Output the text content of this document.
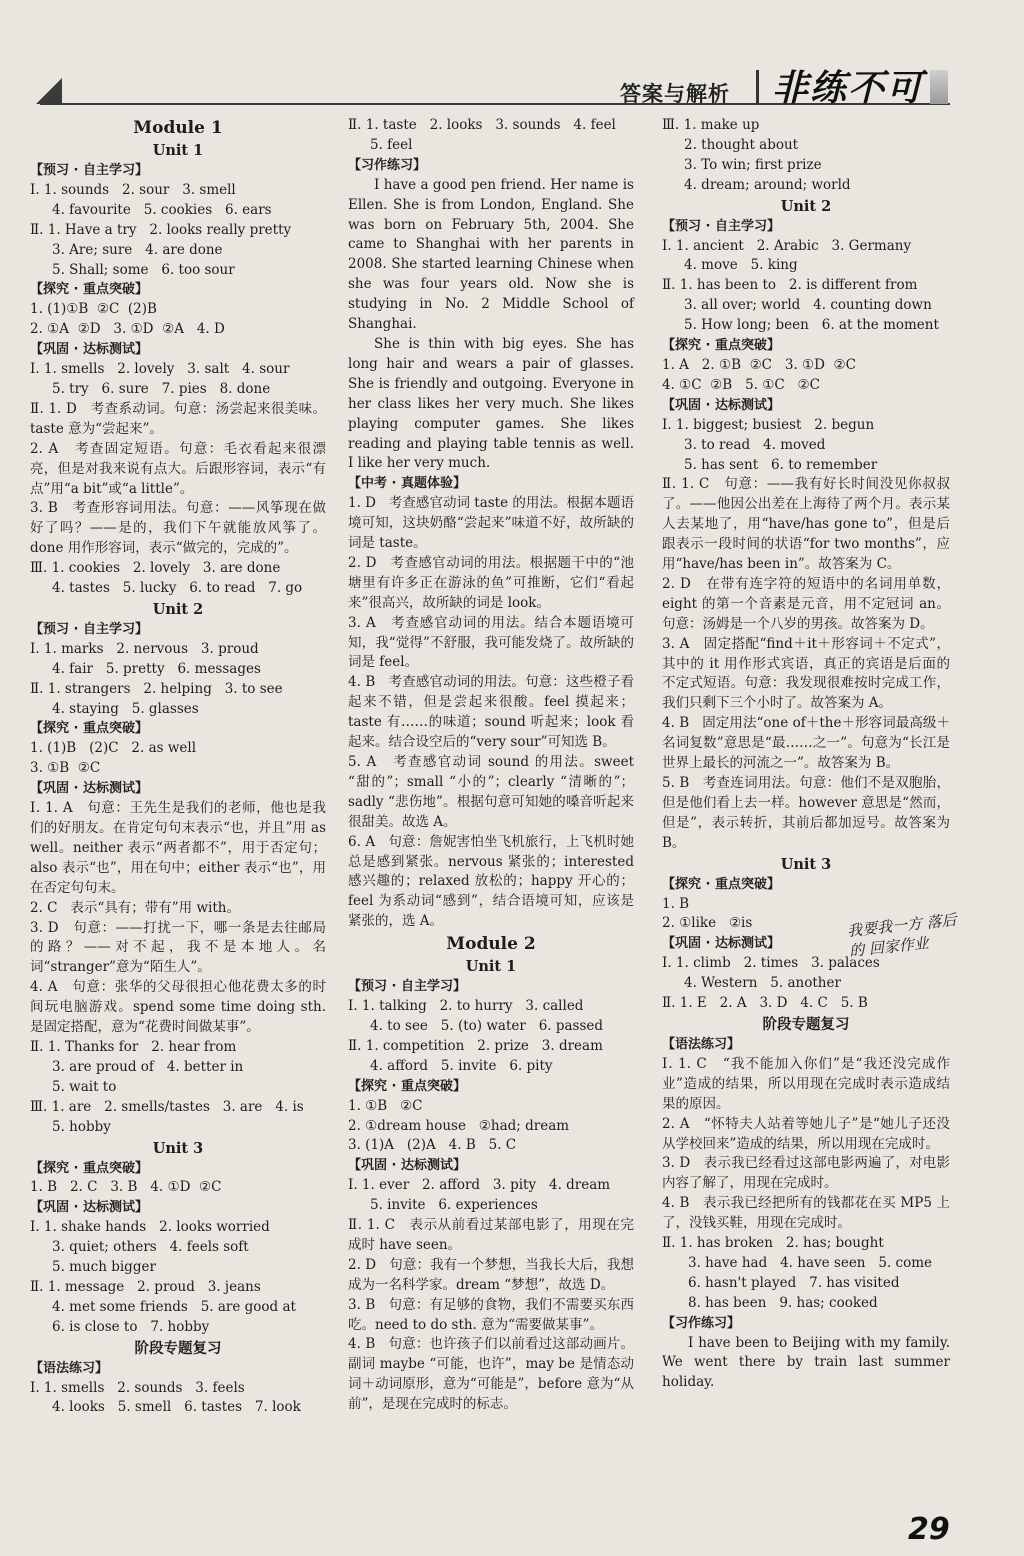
答案与解析 非练不可
Module 1
Unit 1
【预习 · 自主学习】
Ⅰ. 1. sounds   2. sour   3. smell
4. favourite   5. cookies   6. ears
Ⅱ. 1. Have a try   2. looks really pretty
3. Are; sure   4. are done
5. Shall; some   6. too sour
【探究 · 重点突破】
1. (1)①B  ②C  (2)B
2. ①A  ②D   3. ①D  ②A   4. D
【巩固 · 达标测试】
Ⅰ. 1. smells   2. lovely   3. salt   4. sour
5. try   6. sure   7. pies   8. done
Ⅱ. 1. D   考查系动词。句意：汤尝起来很美味。taste 意为“尝起来”。
2. A   考查固定短语。句意：毛衣看起来很漂亮，但是对我来说有点大。后跟形容词，表示“有点”用“a bit”或“a little”。
3. B   考查形容词用法。句意：——风筝现在做好了吗？——是的，我们下午就能放风筝了。done 用作形容词，表示“做完的，完成的”。
Ⅲ. 1. cookies   2. lovely   3. are done
4. tastes   5. lucky   6. to read   7. go
Unit 2
【预习 · 自主学习】
Ⅰ. 1. marks   2. nervous   3. proud
4. fair   5. pretty   6. messages
Ⅱ. 1. strangers   2. helping   3. to see
4. staying   5. glasses
【探究 · 重点突破】
1. (1)B   (2)C   2. as well
3. ①B  ②C
【巩固 · 达标测试】
Ⅰ. 1. A   句意：王先生是我们的老师，他也是我们的好朋友。在肯定句句末表示“也，并且”用 as well。neither 表示“两者都不”，用于否定句；also 表示“也”，用在句中；either 表示“也”，用在否定句句末。
2. C   表示“具有；带有”用 with。
3. D   句意：——打扰一下，哪一条是去往邮局的路？——对不起，我不是本地人。名词“stranger”意为“陌生人”。
4. A   句意：张华的父母很担心他花费太多的时间玩电脑游戏。spend some time doing sth. 是固定搭配，意为“花费时间做某事”。
Ⅱ. 1. Thanks for   2. hear from
3. are proud of   4. better in
5. wait to
Ⅲ. 1. are   2. smells/tastes   3. are   4. is
5. hobby
Unit 3
【探究 · 重点突破】
1. B   2. C   3. B   4. ①D  ②C
【巩固 · 达标测试】
Ⅰ. 1. shake hands   2. looks worried
3. quiet; others   4. feels soft
5. much bigger
Ⅱ. 1. message   2. proud   3. jeans
4. met some friends   5. are good at
6. is close to   7. hobby
阶段专题复习
【语法练习】
Ⅰ. 1. smells   2. sounds   3. feels
4. looks   5. smell   6. tastes   7. look
Ⅱ. 1. taste   2. looks   3. sounds   4. feel
5. feel
【习作练习】
I have a good pen friend. Her name is Ellen. She is from London, England. She was born on February 5th, 2004. She came to Shanghai with her parents in 2008. She started learning Chinese when she was four years old. Now she is studying in No. 2 Middle School of Shanghai.
She is thin with big eyes. She has long hair and wears a pair of glasses. She is friendly and outgoing. Everyone in her class likes her very much. She likes playing computer games. She likes reading and playing table tennis as well. I like her very much.
【中考 · 真题体验】
1. D   考查感官动词 taste 的用法。根据本题语境可知，这块奶酪“尝起来”味道不好，故所缺的词是 taste。
2. D   考查感官动词的用法。根据题干中的“池塘里有许多正在游泳的鱼”可推断，它们“看起来”很高兴，故所缺的词是 look。
3. A   考查感官动词的用法。结合本题语境可知，我“觉得”不舒服，我可能发烧了。故所缺的词是 feel。
4. B   考查感官动词的用法。句意：这些橙子看起来不错，但是尝起来很酸。feel 摸起来；taste 有……的味道；sound 听起来；look 看起来。结合设空后的“very sour”可知选 B。
5. A   考查感官动词 sound 的用法。sweet “甜的”；small “小的”；clearly “清晰的”；sadly “悲伤地”。根据句意可知她的嗓音听起来很甜美。故选 A。
6. A   句意：詹妮害怕坐飞机旅行，上飞机时她总是感到紧张。nervous 紧张的；interested 感兴趣的；relaxed 放松的；happy 开心的；feel 为系动词“感到”，结合语境可知，应该是紧张的，选 A。
Module 2
Unit 1
【预习 · 自主学习】
Ⅰ. 1. talking   2. to hurry   3. called
4. to see   5. (to) water   6. passed
Ⅱ. 1. competition   2. prize   3. dream
4. afford   5. invite   6. pity
【探究 · 重点突破】
1. ①B   ②C
2. ①dream house   ②had; dream
3. (1)A   (2)A   4. B   5. C
【巩固 · 达标测试】
Ⅰ. 1. ever   2. afford   3. pity   4. dream
5. invite   6. experiences
Ⅱ. 1. C   表示从前看过某部电影了，用现在完成时 have seen。
2. D   句意：我有一个梦想，当我长大后，我想成为一名科学家。dream “梦想”，故选 D。
3. B   句意：有足够的食物，我们不需要买东西吃。need to do sth. 意为“需要做某事”。
4. B   句意：也许孩子们以前看过这部动画片。副词 maybe “可能，也许”，may be 是情态动词＋动词原形，意为“可能是”，before 意为“从前”，是现在完成时的标志。
Ⅲ. 1. make up
2. thought about
3. To win; first prize
4. dream; around; world
Unit 2
【预习 · 自主学习】
Ⅰ. 1. ancient   2. Arabic   3. Germany
4. move   5. king
Ⅱ. 1. has been to   2. is different from
3. all over; world   4. counting down
5. How long; been   6. at the moment
【探究 · 重点突破】
1. A   2. ①B  ②C   3. ①D  ②C
4. ①C  ②B   5. ①C   ②C
【巩固 · 达标测试】
Ⅰ. 1. biggest; busiest   2. begun
3. to read   4. moved
5. has sent   6. to remember
Ⅱ. 1. C   句意：——我有好长时间没见你叔叔了。——他因公出差在上海待了两个月。表示某人去某地了，用“have/has gone to”，但是后跟表示一段时间的状语“for two months”，应用“have/has been in”。故答案为 C。
2. D   在带有连字符的短语中的名词用单数，eight 的第一个音素是元音，用不定冠词 an。句意：汤姆是一个八岁的男孩。故答案为 D。
3. A   固定搭配“find＋it＋形容词＋不定式”，其中的 it 用作形式宾语，真正的宾语是后面的不定式短语。句意：我发现很难按时完成工作，我们只剩下三个小时了。故答案为 A。
4. B   固定用法“one of＋the＋形容词最高级＋名词复数”意思是“最……之一”。句意为“长江是世界上最长的河流之一”。故答案为 B。
5. B   考查连词用法。句意：他们不是双胞胎，但是他们看上去一样。however 意思是“然而，但是”，表示转折，其前后都加逗号。故答案为 B。
Unit 3
【探究 · 重点突破】
1. B
2. ①like   ②is
【巩固 · 达标测试】
Ⅰ. 1. climb   2. times   3. palaces
4. Western   5. another
Ⅱ. 1. E   2. A   3. D   4. C   5. B
阶段专题复习
【语法练习】
Ⅰ. 1. C   “我不能加入你们”是“我还没完成作业”造成的结果，所以用现在完成时表示造成结果的原因。
2. A   “怀特夫人站着等她儿子”是“她儿子还没从学校回来”造成的结果，所以用现在完成时。
3. D   表示我已经看过这部电影两遍了，对电影内容了解了，用现在完成时。
4. B   表示我已经把所有的钱都花在买 MP5 上了，没钱买鞋，用现在完成时。
Ⅱ. 1. has broken   2. has; bought
3. have had   4. have seen   5. come
6. hasn't played   7. has visited
8. has been   9. has; cooked
【习作练习】
I have been to Beijing with my family. We went there by train last summer holiday.
我要我一方 落后的 回家作业
29
